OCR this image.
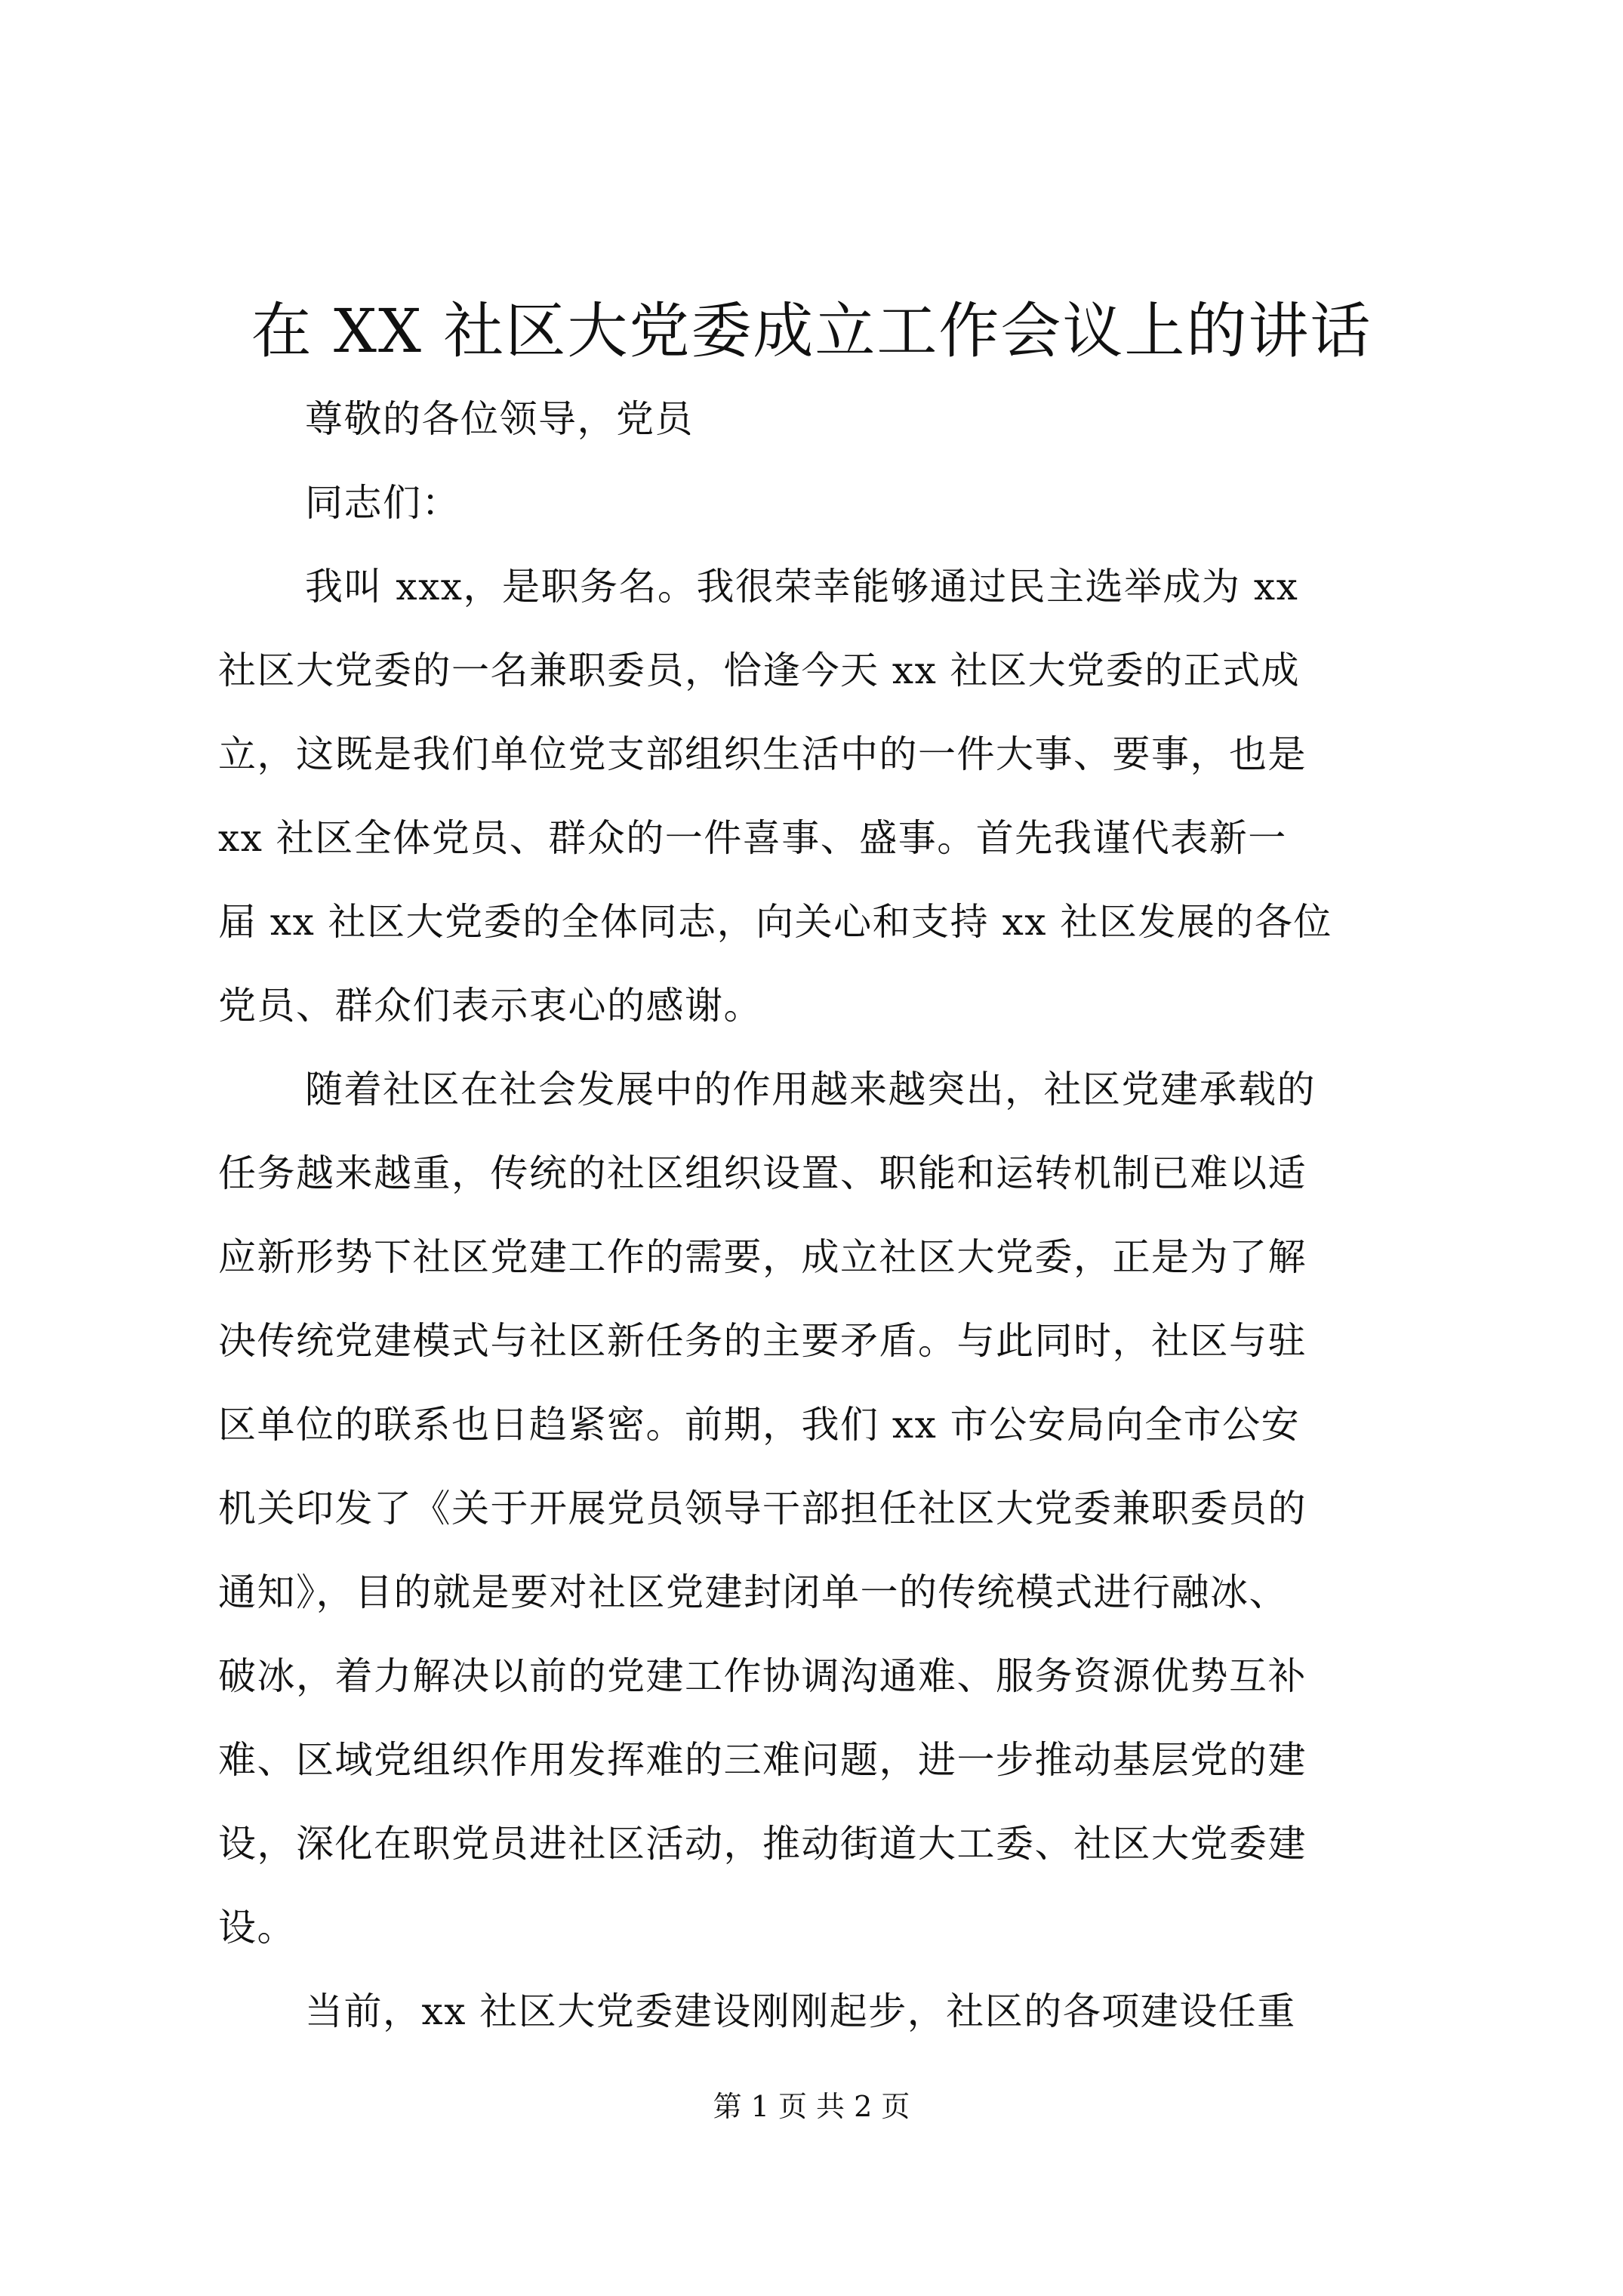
在 XX 社区大党委成立工作会议上的讲话
尊敬的各位领导，党员
同志们：
我叫 xxx，是职务名。我很荣幸能够通过民主选举成为 xx
社区大党委的一名兼职委员，恰逢今天 xx 社区大党委的正式成
立，这既是我们单位党支部组织生活中的一件大事、要事，也是
xx 社区全体党员、群众的一件喜事、盛事。首先我谨代表新一
届 xx 社区大党委的全体同志，向关心和支持 xx 社区发展的各位
党员、群众们表示衷心的感谢。
随着社区在社会发展中的作用越来越突出，社区党建承载的
任务越来越重，传统的社区组织设置、职能和运转机制已难以适
应新形势下社区党建工作的需要，成立社区大党委，正是为了解
决传统党建模式与社区新任务的主要矛盾。与此同时，社区与驻
区单位的联系也日趋紧密。前期，我们 xx 市公安局向全市公安
机关印发了《关于开展党员领导干部担任社区大党委兼职委员的
通知》，目的就是要对社区党建封闭单一的传统模式进行融冰、
破冰，着力解决以前的党建工作协调沟通难、服务资源优势互补
难、区域党组织作用发挥难的三难问题，进一步推动基层党的建
设，深化在职党员进社区活动，推动街道大工委、社区大党委建
设。
当前，xx 社区大党委建设刚刚起步，社区的各项建设任重
第 1 页 共 2 页
